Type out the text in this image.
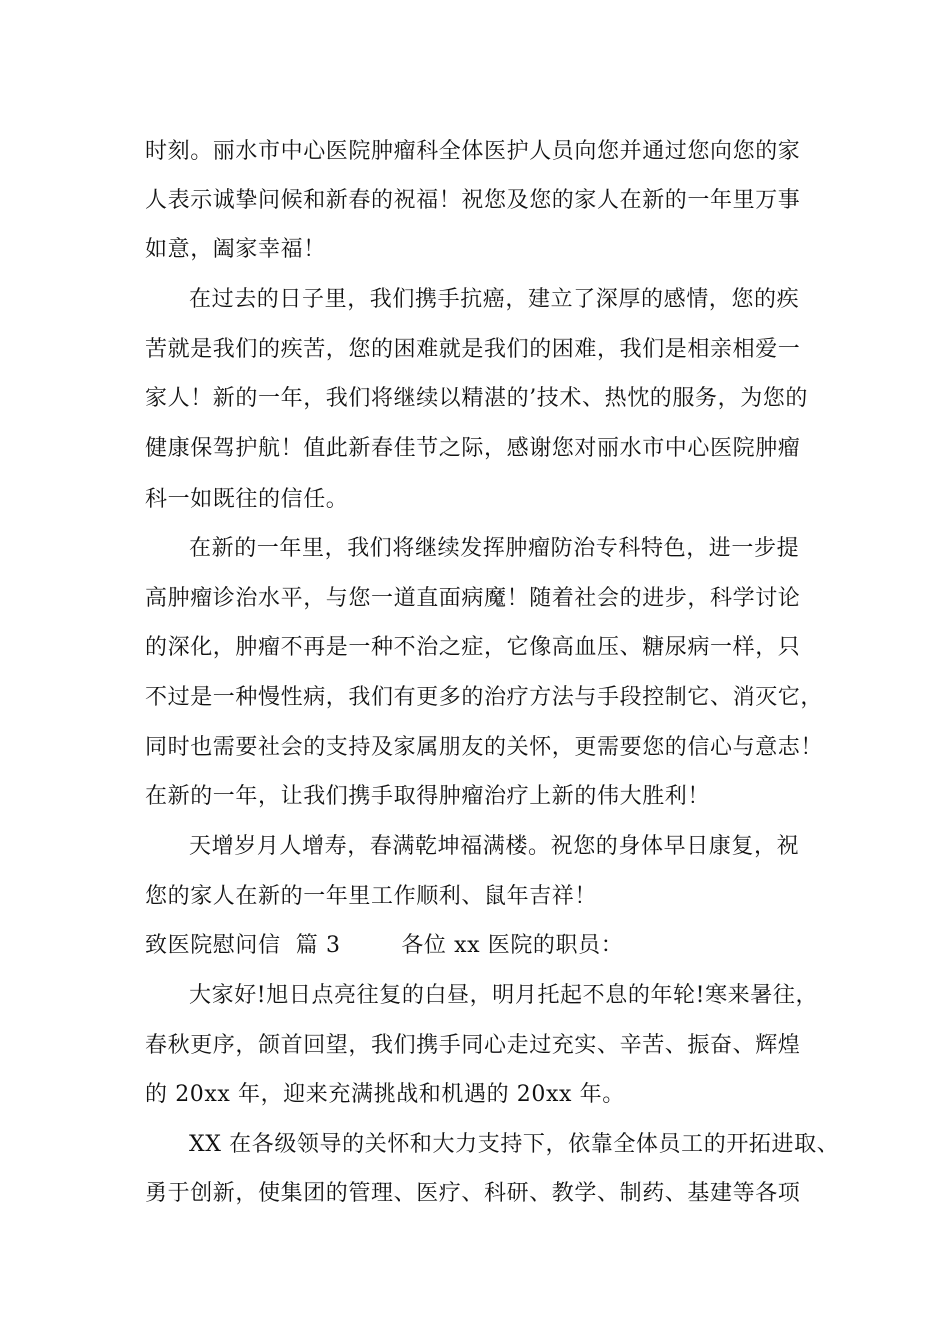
时刻。丽水市中心医院肿瘤科全体医护人员向您并通过您向您的家
人表示诚挚问候和新春的祝福！祝您及您的家人在新的一年里万事
如意，阖家幸福！
在过去的日子里，我们携手抗癌，建立了深厚的感情，您的疾
苦就是我们的疾苦，您的困难就是我们的困难，我们是相亲相爱一
家人！新的一年，我们将继续以精湛的’技术、热忱的服务，为您的
健康保驾护航！值此新春佳节之际，感谢您对丽水市中心医院肿瘤
科一如既往的信任。
在新的一年里，我们将继续发挥肿瘤防治专科特色，进一步提
高肿瘤诊治水平，与您一道直面病魔！随着社会的进步，科学讨论
的深化，肿瘤不再是一种不治之症，它像高血压、糖尿病一样，只
不过是一种慢性病，我们有更多的治疗方法与手段控制它、消灭它，
同时也需要社会的支持及家属朋友的关怀，更需要您的信心与意志！
在新的一年，让我们携手取得肿瘤治疗上新的伟大胜利！
天增岁月人增寿，春满乾坤福满楼。祝您的身体早日康复，祝
您的家人在新的一年里工作顺利、鼠年吉祥！
致医院慰问信  篇 3        各位 xx 医院的职员：
大家好!旭日点亮往复的白昼，明月托起不息的年轮!寒来暑往，
春秋更序，颌首回望，我们携手同心走过充实、辛苦、振奋、辉煌
的 20xx 年，迎来充满挑战和机遇的 20xx 年。
XX 在各级领导的关怀和大力支持下，依靠全体员工的开拓进取、
勇于创新，使集团的管理、医疗、科研、教学、制药、基建等各项
